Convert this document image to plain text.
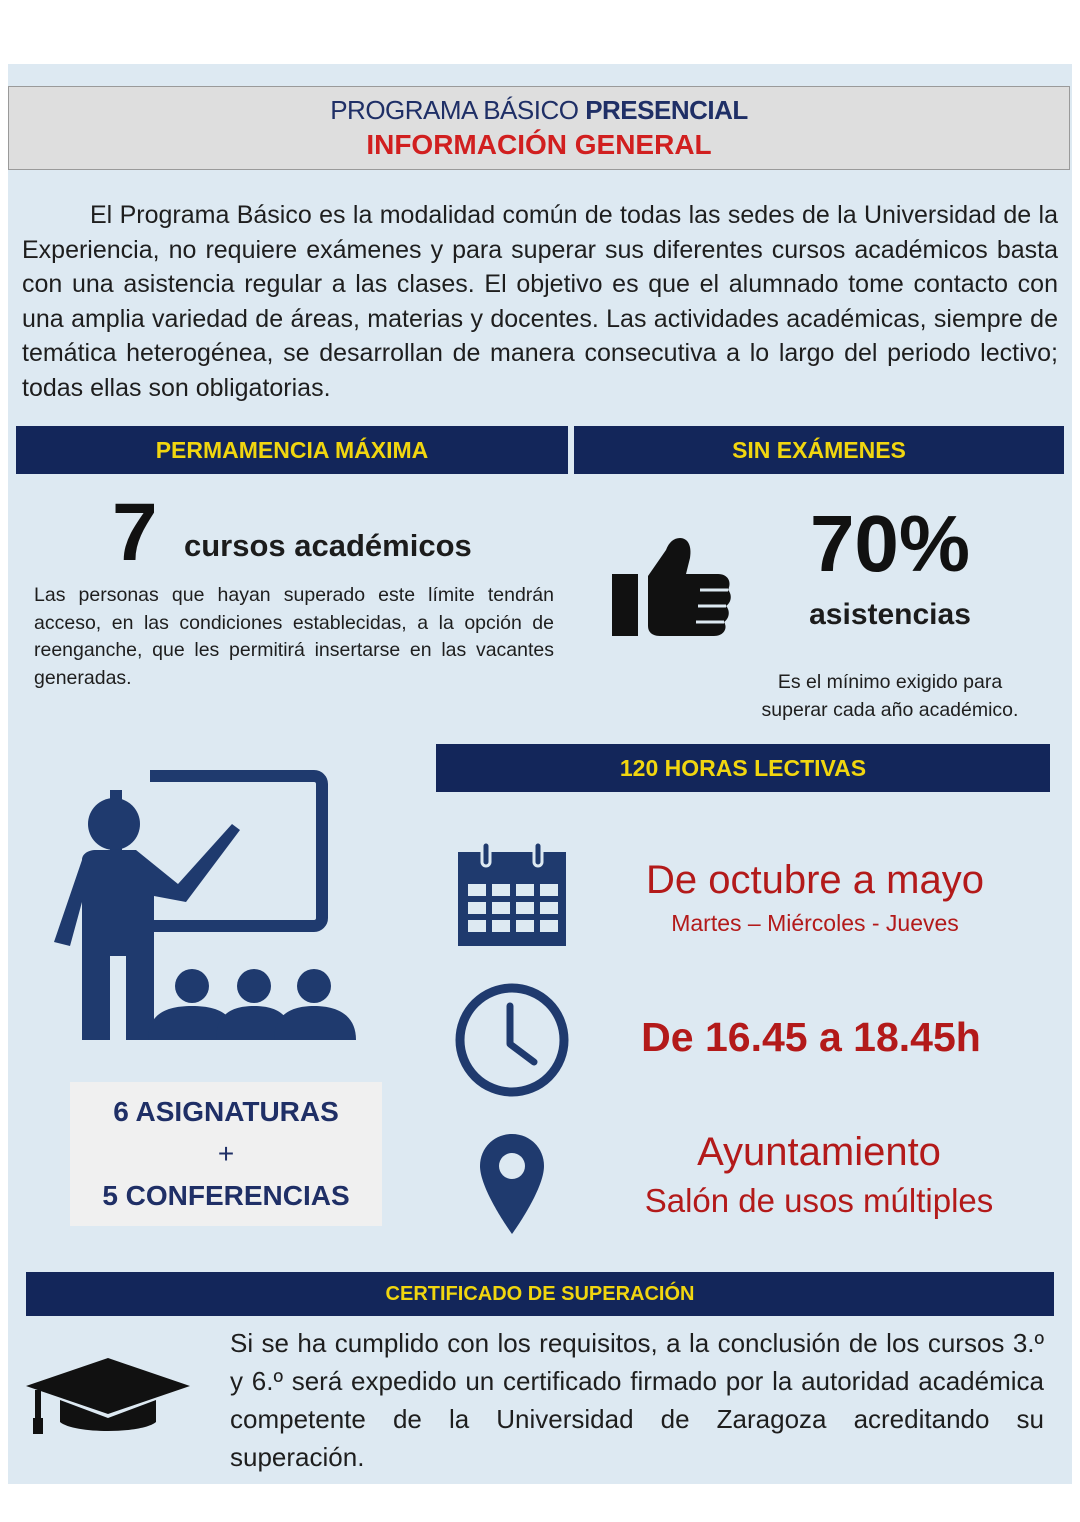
PROGRAMA BÁSICO PRESENCIAL
INFORMACIÓN GENERAL
El Programa Básico es la modalidad común de todas las sedes de la Universidad de la Experiencia, no requiere exámenes y para superar sus diferentes cursos académicos basta con una asistencia regular a las clases. El objetivo es que el alumnado tome contacto con una amplia variedad de áreas, materias y docentes. Las actividades académicas, siempre de temática heterogénea, se desarrollan de manera consecutiva a lo largo del periodo lectivo; todas ellas son obligatorias.
PERMAMENCIA MÁXIMA	SIN EXÁMENES
7 cursos académicos
Las personas que hayan superado este límite tendrán acceso, en las condiciones establecidas, a la opción de reenganche, que les permitirá insertarse en las vacantes generadas.
70%
asistencias
Es el mínimo exigido para
superar cada año académico.
120 HORAS LECTIVAS
De octubre a mayo
Martes – Miércoles - Jueves
De 16.45 a 18.45h
Ayuntamiento
Salón de usos múltiples
6 ASIGNATURAS
+
5 CONFERENCIAS
CERTIFICADO DE SUPERACIÓN
Si se ha cumplido con los requisitos, a la conclusión de los cursos 3.º y 6.º será expedido un certificado firmado por la autoridad académica competente de la Universidad de Zaragoza acreditando su superación.
